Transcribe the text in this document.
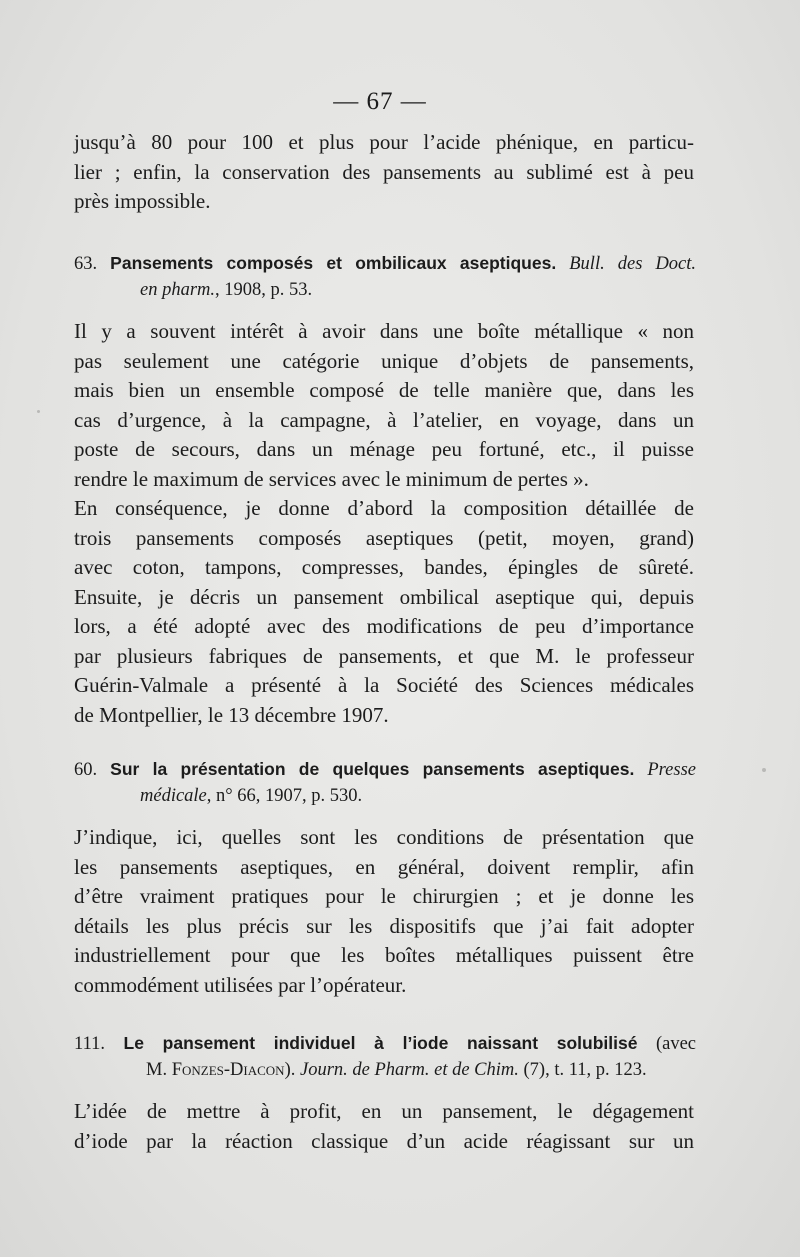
— 67 —
jusqu’à 80 pour 100 et plus pour l’acide phénique, en particu-
lier ; enfin, la conservation des pansements au sublimé est à peu
près impossible.
63. Pansements composés et ombilicaux aseptiques. Bull. des Doct.
en pharm., 1908, p. 53.
Il y a souvent intérêt à avoir dans une boîte métallique « non
pas seulement une catégorie unique d’objets de pansements,
mais bien un ensemble composé de telle manière que, dans les
cas d’urgence, à la campagne, à l’atelier, en voyage, dans un
poste de secours, dans un ménage peu fortuné, etc., il puisse
rendre le maximum de services avec le minimum de pertes ».
En conséquence, je donne d’abord la composition détaillée de
trois pansements composés aseptiques (petit, moyen, grand)
avec coton, tampons, compresses, bandes, épingles de sûreté.
Ensuite, je décris un pansement ombilical aseptique qui, depuis
lors, a été adopté avec des modifications de peu d’importance
par plusieurs fabriques de pansements, et que M. le professeur
Guérin-Valmale a présenté à la Société des Sciences médicales
de Montpellier, le 13 décembre 1907.
60. Sur la présentation de quelques pansements aseptiques. Presse
médicale, n° 66, 1907, p. 530.
J’indique, ici, quelles sont les conditions de présentation que
les pansements aseptiques, en général, doivent remplir, afin
d’être vraiment pratiques pour le chirurgien ; et je donne les
détails les plus précis sur les dispositifs que j’ai fait adopter
industriellement pour que les boîtes métalliques puissent être
commodément utilisées par l’opérateur.
111. Le pansement individuel à l’iode naissant solubilisé (avec
M. Fonzes-Diacon). Journ. de Pharm. et de Chim. (7), t. 11, p. 123.
L’idée de mettre à profit, en un pansement, le dégagement
d’iode par la réaction classique d’un acide réagissant sur un
